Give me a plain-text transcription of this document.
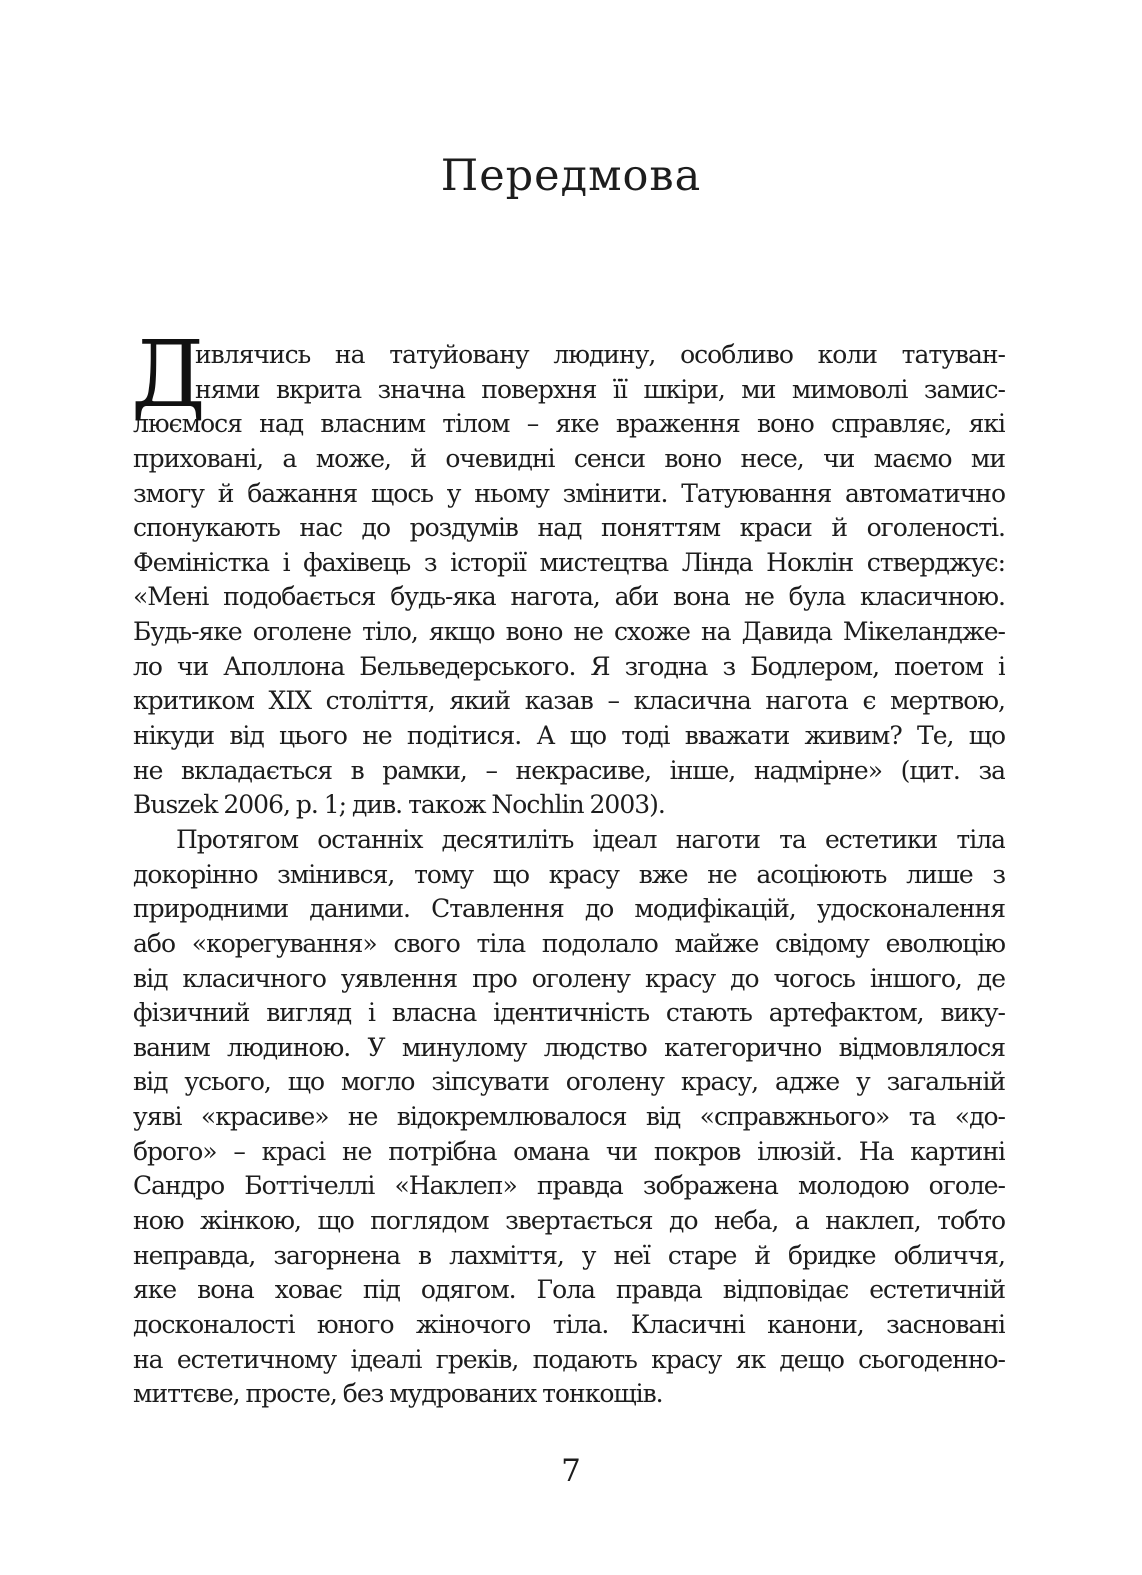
Передмова
Д
ивлячись на татуйовану людину, особливо коли татуван-
нями вкрита значна поверхня її шкіри, ми мимоволі замис-
люємося над власним тілом – яке враження воно справляє, які
приховані, а може, й очевидні сенси воно несе, чи маємо ми
змогу й бажання щось у ньому змінити. Татуювання автоматично
спонукають нас до роздумів над поняттям краси й оголеності.
Феміністка і фахівець з історії мистецтва Лінда Ноклін стверджує:
«Мені подобається будь-яка нагота, аби вона не була класичною.
Будь-яке оголене тіло, якщо воно не схоже на Давида Мікеландже-
ло чи Аполлона Бельведерського. Я згодна з Бодлером, поетом і
критиком XIX століття, який казав – класична нагота є мертвою,
нікуди від цього не подітися. А що тоді вважати живим? Те, що
не вкладається в рамки, – некрасиве, інше, надмірне» (цит. за
Buszek 2006, p. 1; див. також Nochlin 2003).
Протягом останніх десятиліть ідеал наготи та естетики тіла
докорінно змінився, тому що красу вже не асоціюють лише з
природними даними. Ставлення до модифікацій, удосконалення
або «корегування» свого тіла подолало майже свідому еволюцію
від класичного уявлення про оголену красу до чогось іншого, де
фізичний вигляд і власна ідентичність стають артефактом, вику-
ваним людиною. У минулому людство категорично відмовлялося
від усього, що могло зіпсувати оголену красу, адже у загальній
уяві «красиве» не відокремлювалося від «справжнього» та «до-
брого» – красі не потрібна омана чи покров ілюзій. На картині
Сандро Боттічеллі «Наклеп» правда зображена молодою оголе-
ною жінкою, що поглядом звертається до неба, а наклеп, тобто
неправда, загорнена в лахміття, у неї старе й бридке обличчя,
яке вона ховає під одягом. Гола правда відповідає естетичній
досконалості юного жіночого тіла. Класичні канони, засновані
на естетичному ідеалі греків, подають красу як дещо сьогоденно-
миттєве, просте, без мудрованих тонкощів.
7
